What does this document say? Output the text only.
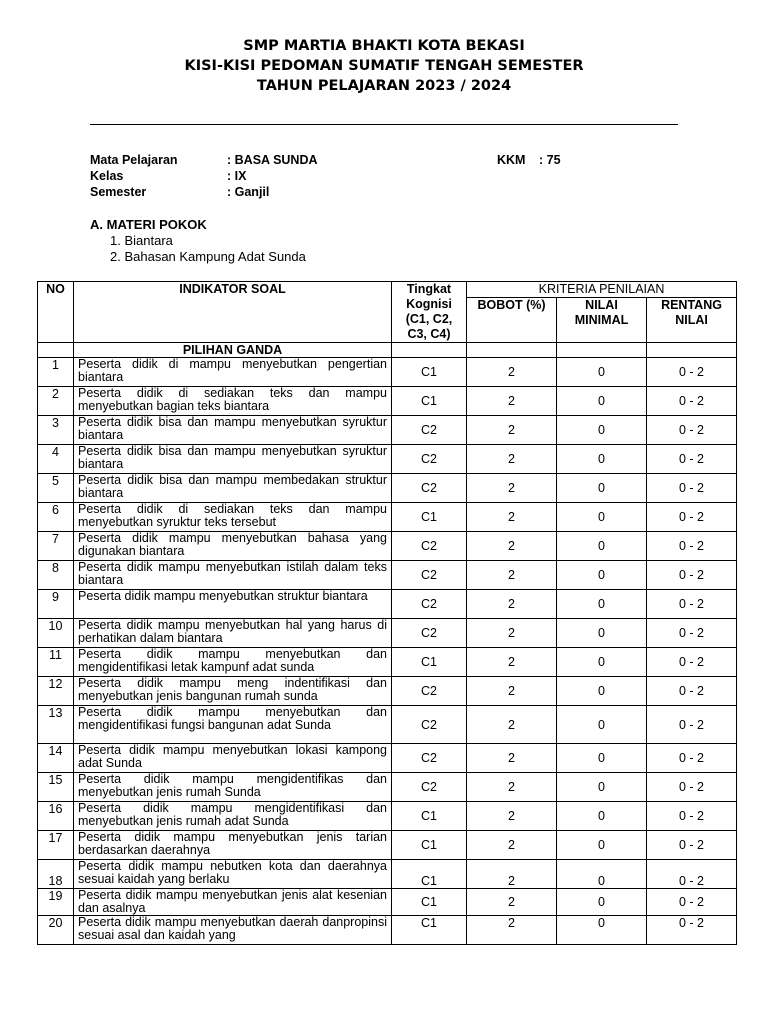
SMP MARTIA BHAKTI KOTA BEKASI
KISI-KISI PEDOMAN SUMATIF TENGAH SEMESTER
TAHUN PELAJARAN 2023 / 2024
Mata Pelajaran	: BASA SUNDA
Kelas	: IX
Semester	: Ganjil
KKM : 75
A. MATERI POKOK
1. Biantara
2. Bahasan Kampung Adat Sunda
NO	INDIKATOR SOAL	Tingkat Kognisi (C1, C2, C3, C4)	KRITERIA PENILAIAN		
			BOBOT (%)	NILAI MINIMAL	RENTANG NILAI
	PILIHAN GANDA				
1	Peserta didik di mampu menyebutkan pengertian biantara	C1	2	0	0 - 2
2	Peserta didik di sediakan teks dan mampu menyebutkan bagian teks biantara	C1	2	0	0 - 2
3	Peserta didik bisa dan mampu menyebutkan syruktur biantara	C2	2	0	0 - 2
4	Peserta didik bisa dan mampu menyebutkan syruktur biantara	C2	2	0	0 - 2
5	Peserta didik bisa dan mampu membedakan struktur biantara	C2	2	0	0 - 2
6	Peserta didik di sediakan teks dan mampu menyebutkan syruktur teks tersebut	C1	2	0	0 - 2
7	Peserta didik mampu menyebutkan bahasa yang digunakan biantara	C2	2	0	0 - 2
8	Peserta didik mampu menyebutkan istilah dalam teks biantara	C2	2	0	0 - 2
9	Peserta didik mampu menyebutkan struktur biantara	C2	2	0	0 - 2
10	Peserta didik mampu menyebutkan hal yang harus di perhatikan dalam biantara	C2	2	0	0 - 2
11	Peserta didik mampu menyebutkan dan mengidentifikasi letak kampunf adat sunda	C1	2	0	0 - 2
12	Peserta didik mampu meng indentifikasi dan menyebutkan jenis bangunan rumah sunda	C2	2	0	0 - 2
13	Peserta didik mampu menyebutkan dan mengidentifikasi fungsi bangunan adat Sunda	C2	2	0	0 - 2
14	Peserta didik mampu menyebutkan lokasi kampong adat Sunda	C2	2	0	0 - 2
15	Peserta didik mampu mengidentifikas dan menyebutkan jenis rumah Sunda	C2	2	0	0 - 2
16	Peserta didik mampu mengidentifikasi dan menyebutkan jenis rumah adat Sunda	C1	2	0	0 - 2
17	Peserta didik mampu menyebutkan jenis tarian berdasarkan daerahnya	C1	2	0	0 - 2
18	Peserta didik mampu nebutken kota dan daerahnya sesuai kaidah yang berlaku	C1	2	0	0 - 2
19	Peserta didik mampu menyebutkan jenis alat kesenian dan asalnya	C1	2	0	0 - 2
20	Peserta didik mampu menyebutkan daerah danpropinsi sesuai asal dan kaidah yang	C1	2	0	0 - 2
